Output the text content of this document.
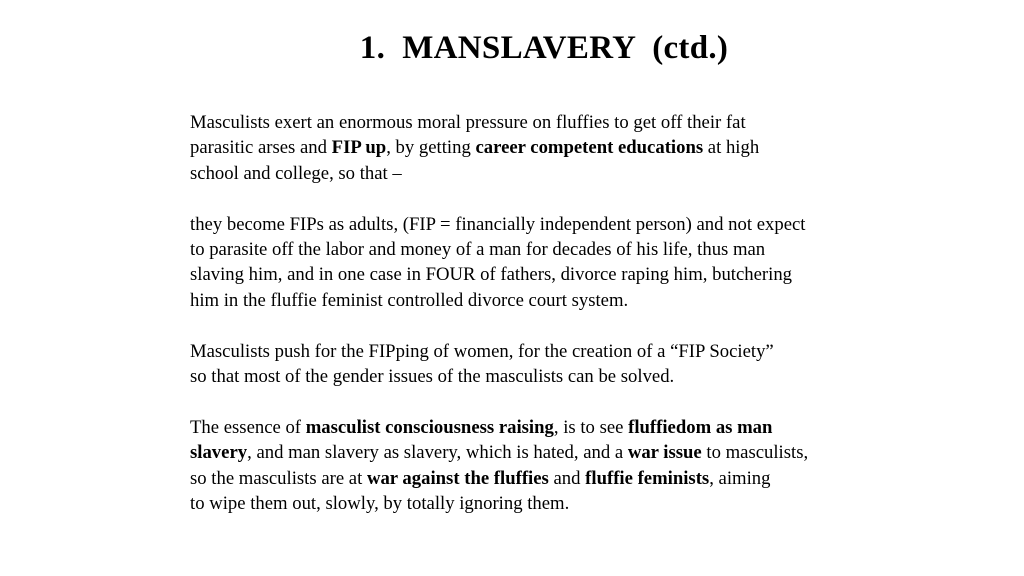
1.  MANSLAVERY  (ctd.)
Masculists exert an enormous moral pressure on fluffies to get off their fat
parasitic arses and FIP up, by getting career competent educations at high
school and college, so that –
they become FIPs as adults, (FIP = financially independent person) and not expect
to parasite off the labor and money of a man for decades of his life, thus man
slaving him, and in one case in FOUR of fathers, divorce raping him, butchering
him in the fluffie feminist controlled divorce court system.
Masculists push for the FIPping of women, for the creation of a “FIP Society”
so that most of the gender issues of the masculists can be solved.
The essence of masculist consciousness raising, is to see fluffiedom as man
slavery, and man slavery as slavery, which is hated, and a war issue to masculists,
so the masculists are at war against the fluffies and fluffie feminists, aiming
to wipe them out, slowly, by totally ignoring them.
